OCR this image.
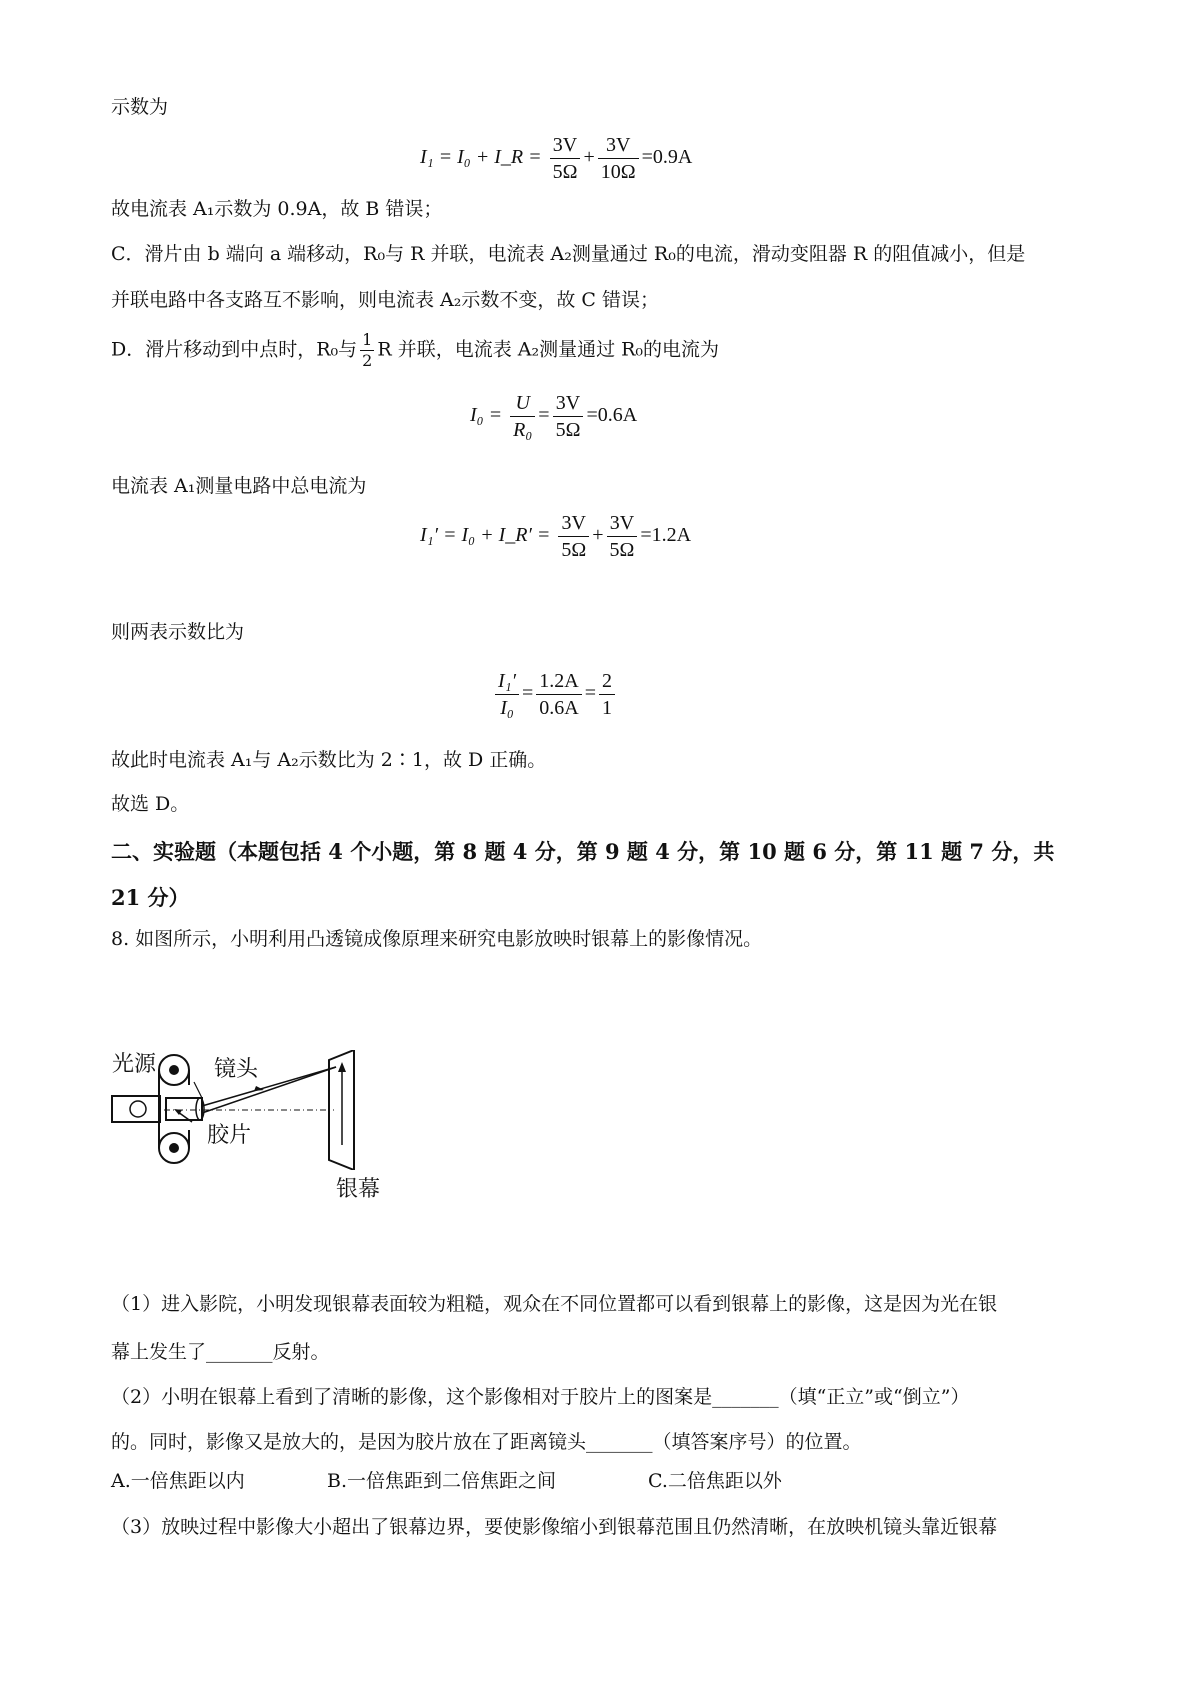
示数为
I₁ = I₀ + I_R = $\frac{3V}{5\Omega} + \frac{3V}{10\Omega} =0.9A$
故电流表 A₁示数为 0.9A，故 B 错误；
C．滑片由 b 端向 a 端移动，R₀与 R 并联，电流表 A₂测量通过 R₀的电流，滑动变阻器 R 的阻值减小，但是
并联电路中各支路互不影响，则电流表 A₂示数不变，故 C 错误；
D．滑片移动到中点时，R₀与 $\frac{1}{2}$ R 并联，电流表 A₂测量通过 R₀的电流为
$I_0 = \frac{U}{\text{R₀}} = \frac{3V}{5\Omega} =0.6A$
电流表 A₁测量电路中总电流为
I₁′ = I₀ + I_R′ = $\frac{3V}{5\Omega} + \frac{3V}{5\Omega} =1.2A$
则两表示数比为
$\frac{\text{I₁′}}{\text{I₀}} = \frac{1.2A}{0.6A} = \frac{2}{1}$
故此时电流表 A₁与 A₂示数比为 2∶1，故 D 正确。
故选 D。
二、实验题（本题包括 4 个小题，第 8 题 4 分，第 9 题 4 分，第 10 题 6 分，第 11 题 7 分，共
21 分）
8. 如图所示，小明利用凸透镜成像原理来研究电影放映时银幕上的影像情况。
光源	镜头
胶片
银幕
（1）进入影院，小明发现银幕表面较为粗糙，观众在不同位置都可以看到银幕上的影像，这是因为光在银
幕上发生了_______反射。
（2）小明在银幕上看到了清晰的影像，这个影像相对于胶片上的图案是_______（填“正立”或“倒立”）
的。同时，影像又是放大的，是因为胶片放在了距离镜头_______（填答案序号）的位置。
A.一倍焦距以内	B.一倍焦距到二倍焦距之间	C.二倍焦距以外
（3）放映过程中影像大小超出了银幕边界，要使影像缩小到银幕范围且仍然清晰，在放映机镜头靠近银幕
